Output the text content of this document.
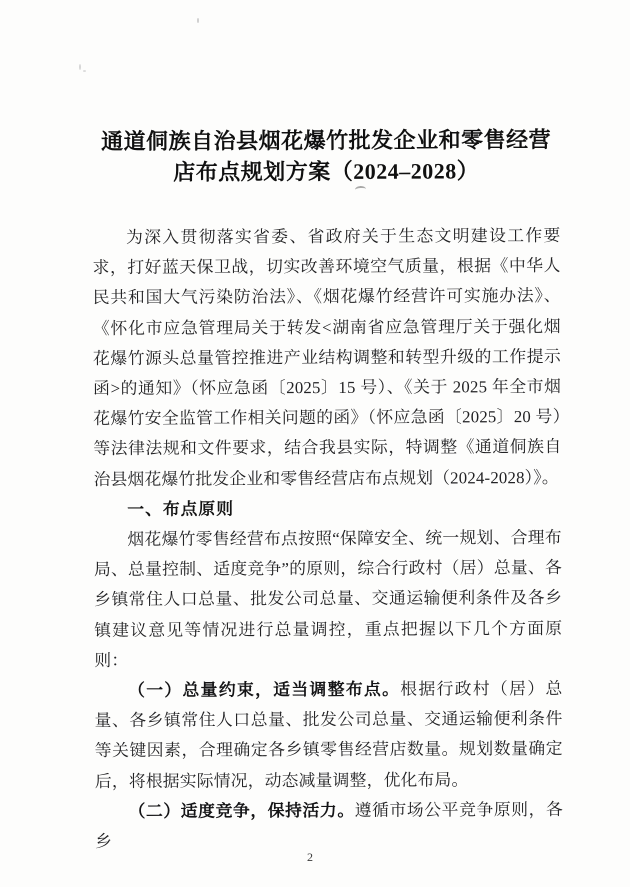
通道侗族自治县烟花爆竹批发企业和零售经营
店布点规划方案（2024–2028）

为深入贯彻落实省委、省政府关于生态文明建设工作要求，打好蓝天保卫战，切实改善环境空气质量，根据《中华人民共和国大气污染防治法》、《烟花爆竹经营许可实施办法》、《怀化市应急管理局关于转发<湖南省应急管理厅关于强化烟花爆竹源头总量管控推进产业结构调整和转型升级的工作提示函>的通知》（怀应急函〔2025〕15 号）、《关于 2025 年全市烟花爆竹安全监管工作相关问题的函》（怀应急函〔2025〕20 号）等法律法规和文件要求，结合我县实际，特调整《通道侗族自治县烟花爆竹批发企业和零售经营店布点规划（2024-2028）》。

一、布点原则

烟花爆竹零售经营布点按照“保障安全、统一规划、合理布局、总量控制、适度竞争”的原则，综合行政村（居）总量、各乡镇常住人口总量、批发公司总量、交通运输便利条件及各乡镇建议意见等情况进行总量调控，重点把握以下几个方面原则：

（一）总量约束，适当调整布点。根据行政村（居）总量、各乡镇常住人口总量、批发公司总量、交通运输便利条件等关键因素，合理确定各乡镇零售经营店数量。规划数量确定后，将根据实际情况，动态减量调整，优化布局。

（二）适度竞争，保持活力。遵循市场公平竞争原则，各乡

2
